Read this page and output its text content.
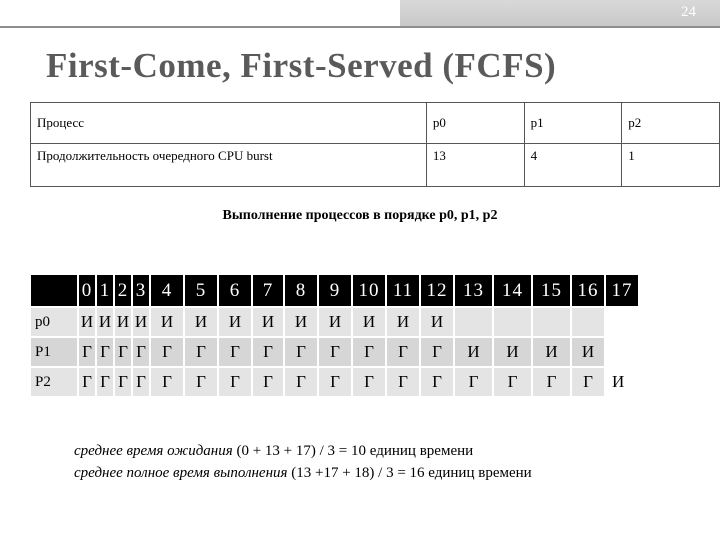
24
First-Come, First-Served (FCFS)
Процесс	p0	p1	p2
Продолжительность очередного CPU burst	13	4	1
Выполнение процессов в порядке p0, p1, p2
	0	1	2	3	4	5	6	7	8	9	10	11	12	13	14	15	16	17
p0	И	И	И	И	И	И	И	И	И	И	И	И	И					
P1	Г	Г	Г	Г	Г	Г	Г	Г	Г	Г	Г	Г	Г	И	И	И	И	
P2	Г	Г	Г	Г	Г	Г	Г	Г	Г	Г	Г	Г	Г	Г	Г	Г	Г	И
среднее время ожидания (0 + 13 + 17) / 3 = 10 единиц времени
среднее полное время выполнения (13 +17 + 18) / 3 = 16 единиц времени
